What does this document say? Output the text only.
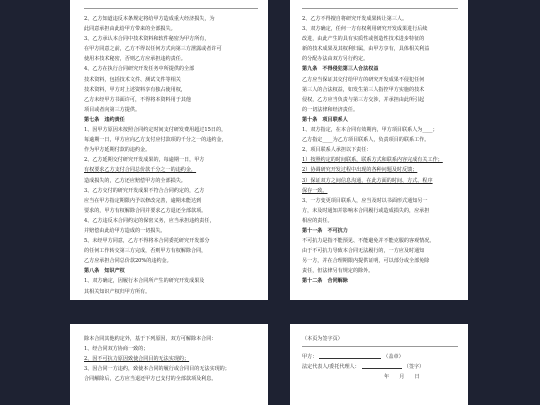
2、乙方知道违反本条规定将给甲方造成重大经济损失，为

此同意承担由此给甲方带来的全部损失。

3、乙方承认本合同中技术资料和软件秘密为甲方所有，

在甲方同意之前，乙方不得以任何方式向第三方泄露或者许可

使用本技术秘密，否则乙方应承担违约责任。

4、乙方在执行合同研究开发任务中所提供的全部

技术资料，包括技术文件、测试文件等相关

技术资料，甲方对上述资料享有独占使用权，

乙方未经甲方书面许可，不得将本资料用于其他

项目或者向第三方提供。

第七条　违约责任

1、因甲方原因未按照合同约定时间支付研发费用超过15日的，

每逾期一日，甲方应向乙方支付应付款项的千分之一的违约金，

作为甲方延期付款的违约金。

2、乙方延期交付研究开发成果的，每逾期一日，甲方

有权要求乙方支付合同总价款千分之一的违约金，

造成损失的，乙方还应赔偿甲方的全部损失。

3、乙方交付的研究开发成果不符合合同约定的，乙方

应当在甲方指定期限内予以修改完善，逾期未能达到

要求的，甲方有权解除合同并要求乙方退还全部款项。

4、乙方违反本合同约定的保密义务，应当承担违约责任，

并赔偿由此给甲方造成的一切损失。

5、未经甲方同意，乙方不得将本合同委托研究开发部分

的任何工作转交第三方完成，否则甲方有权解除合同，

乙方应承担合同总价款20%的违约金。

第八条　知识产权

1、双方确定，因履行本合同所产生的研究开发成果及

其相关知识产权归甲方所有。

2、乙方不得擅自将研究开发成果转让第三人。

3、双方确定，任何一方有权利用研究开发成果进行后续

改进，由此产生的具有实质性或创造性技术进步特征的

新的技术成果及其权利归属，由甲方享有，具体相关利益

的分配办法由双方另行约定。

第九条　不得侵犯第三人合法权益

乙方应当保证其交付给甲方的研究开发成果不侵犯任何

第三人的合法权益，如发生第三人指控甲方实施的技术

侵权，乙方应当负责与第三方交涉，并承担由此所引起

的一切法律和经济责任。

第十条　项目联系人

1、双方指定，在本合同有效期内，甲方项目联系人为____；

乙方指定____为乙方项目联系人，负责项目的联系工作。

2、项目联系人承担以下责任：

1）按照约定的时间联系，联系方式和联系内容完成有关工作；

2）协调研究开发过程中出现的各种问题及时反馈；

3）保证双方之间信息沟通，在此方面的时间、方式、程序

保存一致。

3、一方变更项目联系人，应当及时以书面形式通知另一

方，未及时通知并影响本合同履行或造成损失的，应承担

相应的责任。

第十一条　不可抗力

不可抗力是指不能预见、不能避免并不能克服的客观情况。

由于不可抗力导致本合同无法履行的，一方应及时通知

另一方，并在合理期限内提供证明，可以部分或全部免除

责任，但法律另有规定的除外。

第十二条　合同解除

除本合同其他约定外，基于下列原因，双方可解除本合同：

1、经合同双方协商一致的；

2、因不可抗力原因致使合同目的无法实现的；

3、因合同一方违约，致使本合同的履行或合同目的无法实现的；

合同解除后，乙方应当退还甲方已支付的全部款项及利息。

（本页为签字页）

甲方：	（盖章）

法定代表人/委托代理人：	（签字）

年　　月　　日
